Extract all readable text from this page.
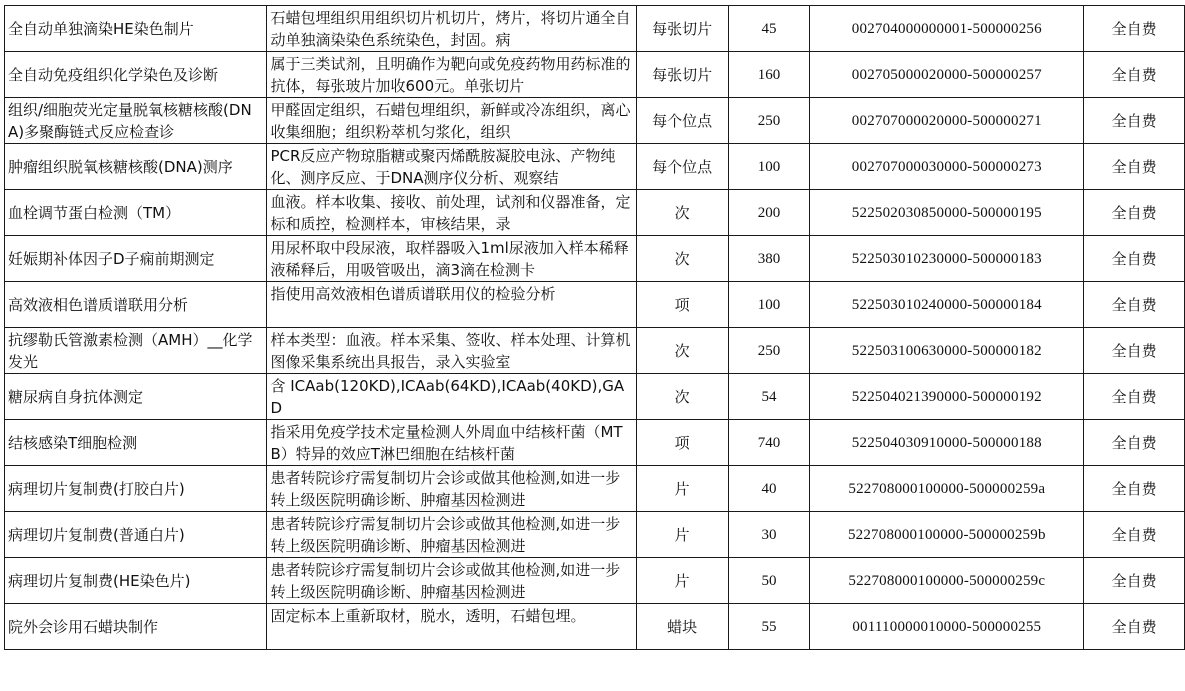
全自动单独滴染HE染色制片	石蜡包埋组织用组织切片机切片，烤片，将切片通全自动单独滴染染色系统染色，封固。病	每张切片	45	002704000000001-500000256	全自费

全自动免疫组织化学染色及诊断	属于三类试剂，且明确作为靶向或免疫药物用药标准的抗体，每张玻片加收600元。单张切片	每张切片	160	002705000020000-500000257	全自费

组织/细胞荧光定量脱氧核糖核酸(DNA)多聚酶链式反应检查诊	甲醛固定组织，石蜡包埋组织，新鲜或冷冻组织，离心收集细胞；组织粉萃机匀浆化，组织	每个位点	250	002707000020000-500000271	全自费

肿瘤组织脱氧核糖核酸(DNA)测序	PCR反应产物琼脂糖或聚丙烯酰胺凝胶电泳、产物纯化、测序反应、于DNA测序仪分析、观察结	每个位点	100	002707000030000-500000273	全自费

血栓调节蛋白检测（TM）	血液。样本收集、接收、前处理，试剂和仪器准备，定标和质控，检测样本，审核结果，录	次	200	522502030850000-500000195	全自费

妊娠期补体因子D子痫前期测定	用尿杯取中段尿液，取样器吸入1ml尿液加入样本稀释液稀释后，用吸管吸出，滴3滴在检测卡	次	380	522503010230000-500000183	全自费

高效液相色谱质谱联用分析	指使用高效液相色谱质谱联用仪的检验分析	项	100	522503010240000-500000184	全自费

抗缪勒氏管激素检测（AMH）__化学发光	样本类型：血液。样本采集、签收、样本处理、计算机图像采集系统出具报告，录入实验室	次	250	522503100630000-500000182	全自费

糖尿病自身抗体测定	含 ICAab(120KD),ICAab(64KD),ICAab(40KD),GAD	次	54	522504021390000-500000192	全自费

结核感染T细胞检测	指采用免疫学技术定量检测人外周血中结核杆菌（MTB）特异的效应T淋巴细胞在结核杆菌	项	740	522504030910000-500000188	全自费

病理切片复制费(打胶白片)	患者转院诊疗需复制切片会诊或做其他检测,如进一步转上级医院明确诊断、肿瘤基因检测进	片	40	522708000100000-500000259a	全自费

病理切片复制费(普通白片)	患者转院诊疗需复制切片会诊或做其他检测,如进一步转上级医院明确诊断、肿瘤基因检测进	片	30	522708000100000-500000259b	全自费

病理切片复制费(HE染色片)	患者转院诊疗需复制切片会诊或做其他检测,如进一步转上级医院明确诊断、肿瘤基因检测进	片	50	522708000100000-500000259c	全自费

院外会诊用石蜡块制作	固定标本上重新取材，脱水，透明，石蜡包埋。	蜡块	55	001110000010000-500000255	全自费
